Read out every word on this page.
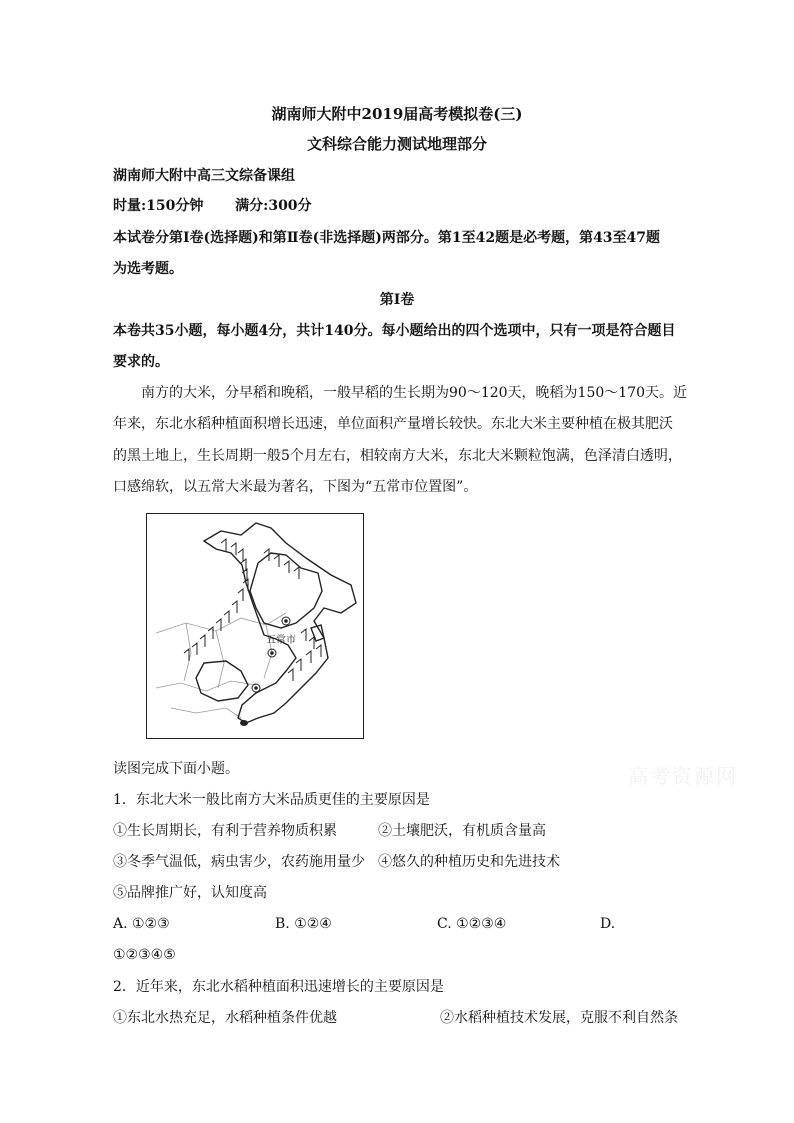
高考资源网
湖南师大附中2019届高考模拟卷(三)
文科综合能力测试地理部分
湖南师大附中高三文综备课组
时量:150分钟 满分:300分
本试卷分第Ⅰ卷(选择题)和第Ⅱ卷(非选择题)两部分。第1至42题是必考题，第43至47题
为选考题。
第Ⅰ卷
本卷共35小题，每小题4分，共计140分。每小题给出的四个选项中，只有一项是符合题目
要求的。
南方的大米，分早稻和晚稻，一般早稻的生长期为90～120天，晚稻为150～170天。近
年来，东北水稻种植面积增长迅速，单位面积产量增长较快。东北大米主要种植在极其肥沃
的黑土地上，生长周期一般5个月左右，相较南方大米，东北大米颗粒饱满，色泽清白透明，
口感绵软，以五常大米最为著名，下图为“五常市位置图”。
五常市
读图完成下面小题。
1．东北大米一般比南方大米品质更佳的主要原因是
①生长周期长，有利于营养物质积累	②土壤肥沃，有机质含量高
③冬季气温低，病虫害少，农药施用量少 ④悠久的种植历史和先进技术
⑤品牌推广好，认知度高
A. ①②③	B. ①②④	C. ①②③④	D.
①②③④⑤
2．近年来，东北水稻种植面积迅速增长的主要原因是
①东北水热充足，水稻种植条件优越	②水稻种植技术发展，克服不利自然条
